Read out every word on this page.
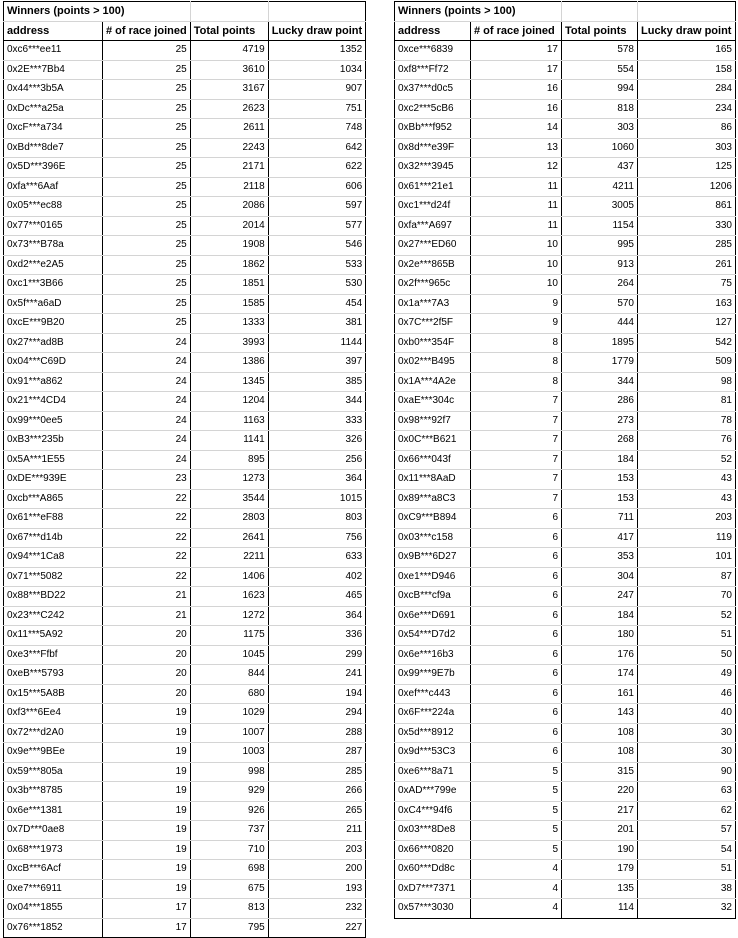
Winners (points > 100)			
address	# of race joined	Total points	Lucky draw point
0xc6***ee11	25	4719	1352
0x2E***7Bb4	25	3610	1034
0x44***3b5A	25	3167	907
0xDc***a25a	25	2623	751
0xcF***a734	25	2611	748
0xBd***8de7	25	2243	642
0x5D***396E	25	2171	622
0xfa***6Aaf	25	2118	606
0x05***ec88	25	2086	597
0x77***0165	25	2014	577
0x73***B78a	25	1908	546
0xd2***e2A5	25	1862	533
0xc1***3B66	25	1851	530
0x5f***a6aD	25	1585	454
0xcE***9B20	25	1333	381
0x27***ad8B	24	3993	1144
0x04***C69D	24	1386	397
0x91***a862	24	1345	385
0x21***4CD4	24	1204	344
0x99***0ee5	24	1163	333
0xB3***235b	24	1141	326
0x5A***1E55	24	895	256
0xDE***939E	23	1273	364
0xcb***A865	22	3544	1015
0x61***eF88	22	2803	803
0x67***d14b	22	2641	756
0x94***1Ca8	22	2211	633
0x71***5082	22	1406	402
0x88***BD22	21	1623	465
0x23***C242	21	1272	364
0x11***5A92	20	1175	336
0xe3***Ffbf	20	1045	299
0xeB***5793	20	844	241
0x15***5A8B	20	680	194
0xf3***6Ee4	19	1029	294
0x72***d2A0	19	1007	288
0x9e***9BEe	19	1003	287
0x59***805a	19	998	285
0x3b***8785	19	929	266
0x6e***1381	19	926	265
0x7D***0ae8	19	737	211
0x68***1973	19	710	203
0xcB***6Acf	19	698	200
0xe7***6911	19	675	193
0x04***1855	17	813	232
0x76***1852	17	795	227
Winners (points > 100)			
address	# of race joined	Total points	Lucky draw point
0xce***6839	17	578	165
0xf8***Ff72	17	554	158
0x37***d0c5	16	994	284
0xc2***5cB6	16	818	234
0xBb***f952	14	303	86
0x8d***e39F	13	1060	303
0x32***3945	12	437	125
0x61***21e1	11	4211	1206
0xc1***d24f	11	3005	861
0xfa***A697	11	1154	330
0x27***ED60	10	995	285
0x2e***865B	10	913	261
0x2f***965c	10	264	75
0x1a***7A3	9	570	163
0x7C***2f5F	9	444	127
0xb0***354F	8	1895	542
0x02***B495	8	1779	509
0x1A***4A2e	8	344	98
0xaE***304c	7	286	81
0x98***92f7	7	273	78
0x0C***B621	7	268	76
0x66***043f	7	184	52
0x11***8AaD	7	153	43
0x89***a8C3	7	153	43
0xC9***B894	6	711	203
0x03***c158	6	417	119
0x9B***6D27	6	353	101
0xe1***D946	6	304	87
0xcB***cf9a	6	247	70
0x6e***D691	6	184	52
0x54***D7d2	6	180	51
0x6e***16b3	6	176	50
0x99***9E7b	6	174	49
0xef***c443	6	161	46
0x6F***224a	6	143	40
0x5d***8912	6	108	30
0x9d***53C3	6	108	30
0xe6***8a71	5	315	90
0xAD***799e	5	220	63
0xC4***94f6	5	217	62
0x03***8De8	5	201	57
0x66***0820	5	190	54
0x60***Dd8c	4	179	51
0xD7***7371	4	135	38
0x57***3030	4	114	32
